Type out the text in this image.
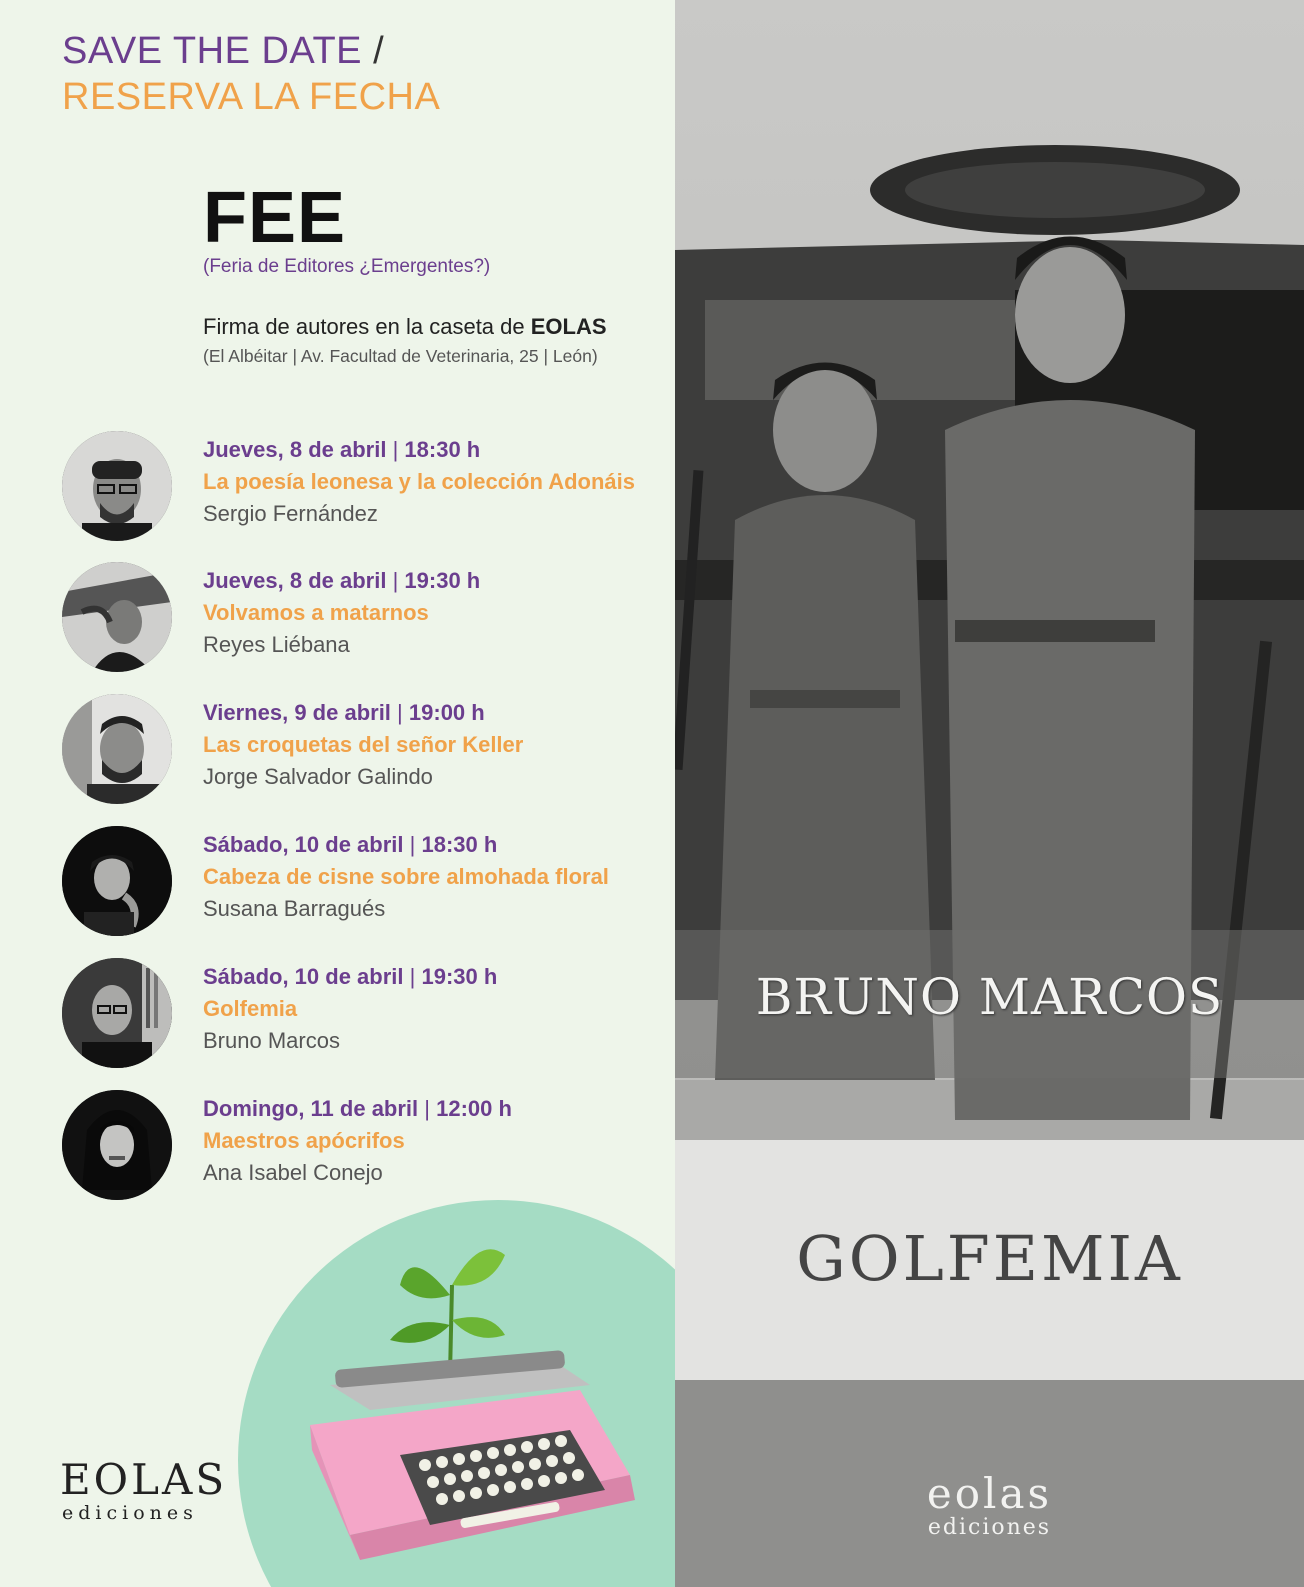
SAVE THE DATE /
RESERVA LA FECHA
FEE
(Feria de Editores ¿Emergentes?)
Firma de autores en la caseta de EOLAS
(El Albéitar | Av. Facultad de Veterinaria, 25 | León)
Jueves, 8 de abril | 18:30 h
La poesía leonesa y la colección Adonáis
Sergio Fernández
Jueves, 8 de abril | 19:30 h
Volvamos a matarnos
Reyes Liébana
Viernes, 9 de abril | 19:00 h
Las croquetas del señor Keller
Jorge Salvador Galindo
Sábado, 10 de abril | 18:30 h
Cabeza de cisne sobre almohada floral
Susana Barragués
Sábado, 10 de abril | 19:30 h
Golfemia
Bruno Marcos
Domingo, 11 de abril | 12:00 h
Maestros apócrifos
Ana Isabel Conejo
EOLAS
ediciones
BRUNO MARCOS
GOLFEMIA
eolas
ediciones
